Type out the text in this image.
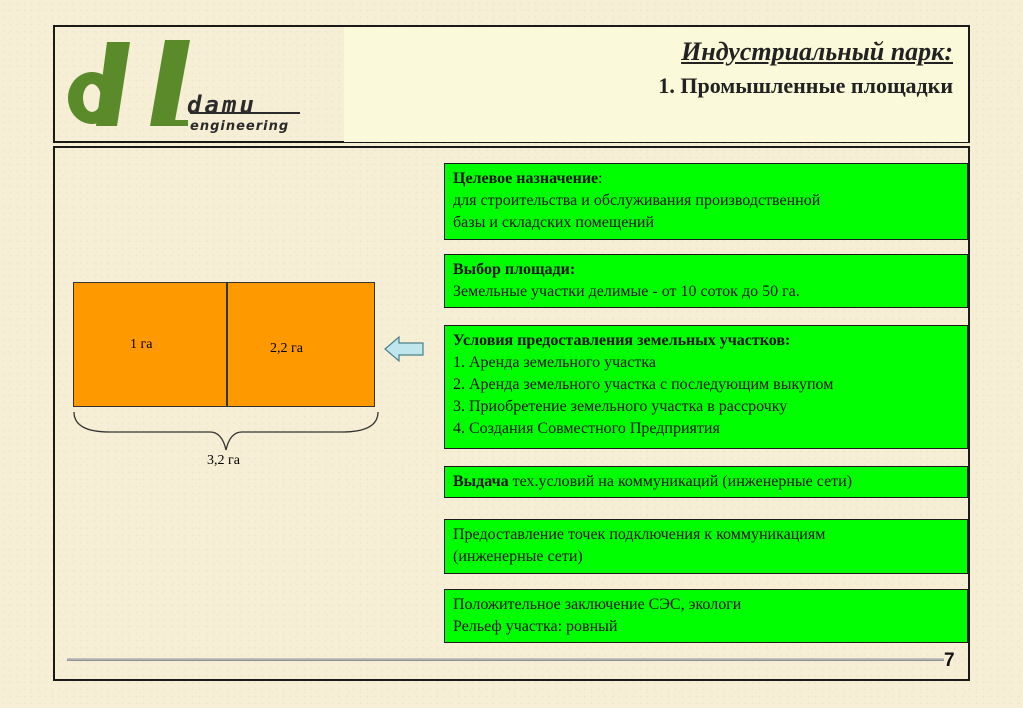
damu
engineering
Индустриальный парк:
1. Промышленные площадки
1 га	2,2 га
3,2 га
Целевое назначение:
для строительства и обслуживания производственной
базы и складских помещений
Выбор площади:
Земельные участки делимые - от 10 соток до 50 га.
Условия предоставления земельных участков:
1. Аренда земельного участка
2. Аренда земельного участка с последующим выкупом
3. Приобретение земельного участка в рассрочку
4. Создания Совместного Предприятия
Выдача тех.условий на коммуникаций (инженерные сети)
Предоставление точек подключения к коммуникациям
(инженерные сети)
Положительное заключение СЭС, экологи
Рельеф участка: ровный
7
